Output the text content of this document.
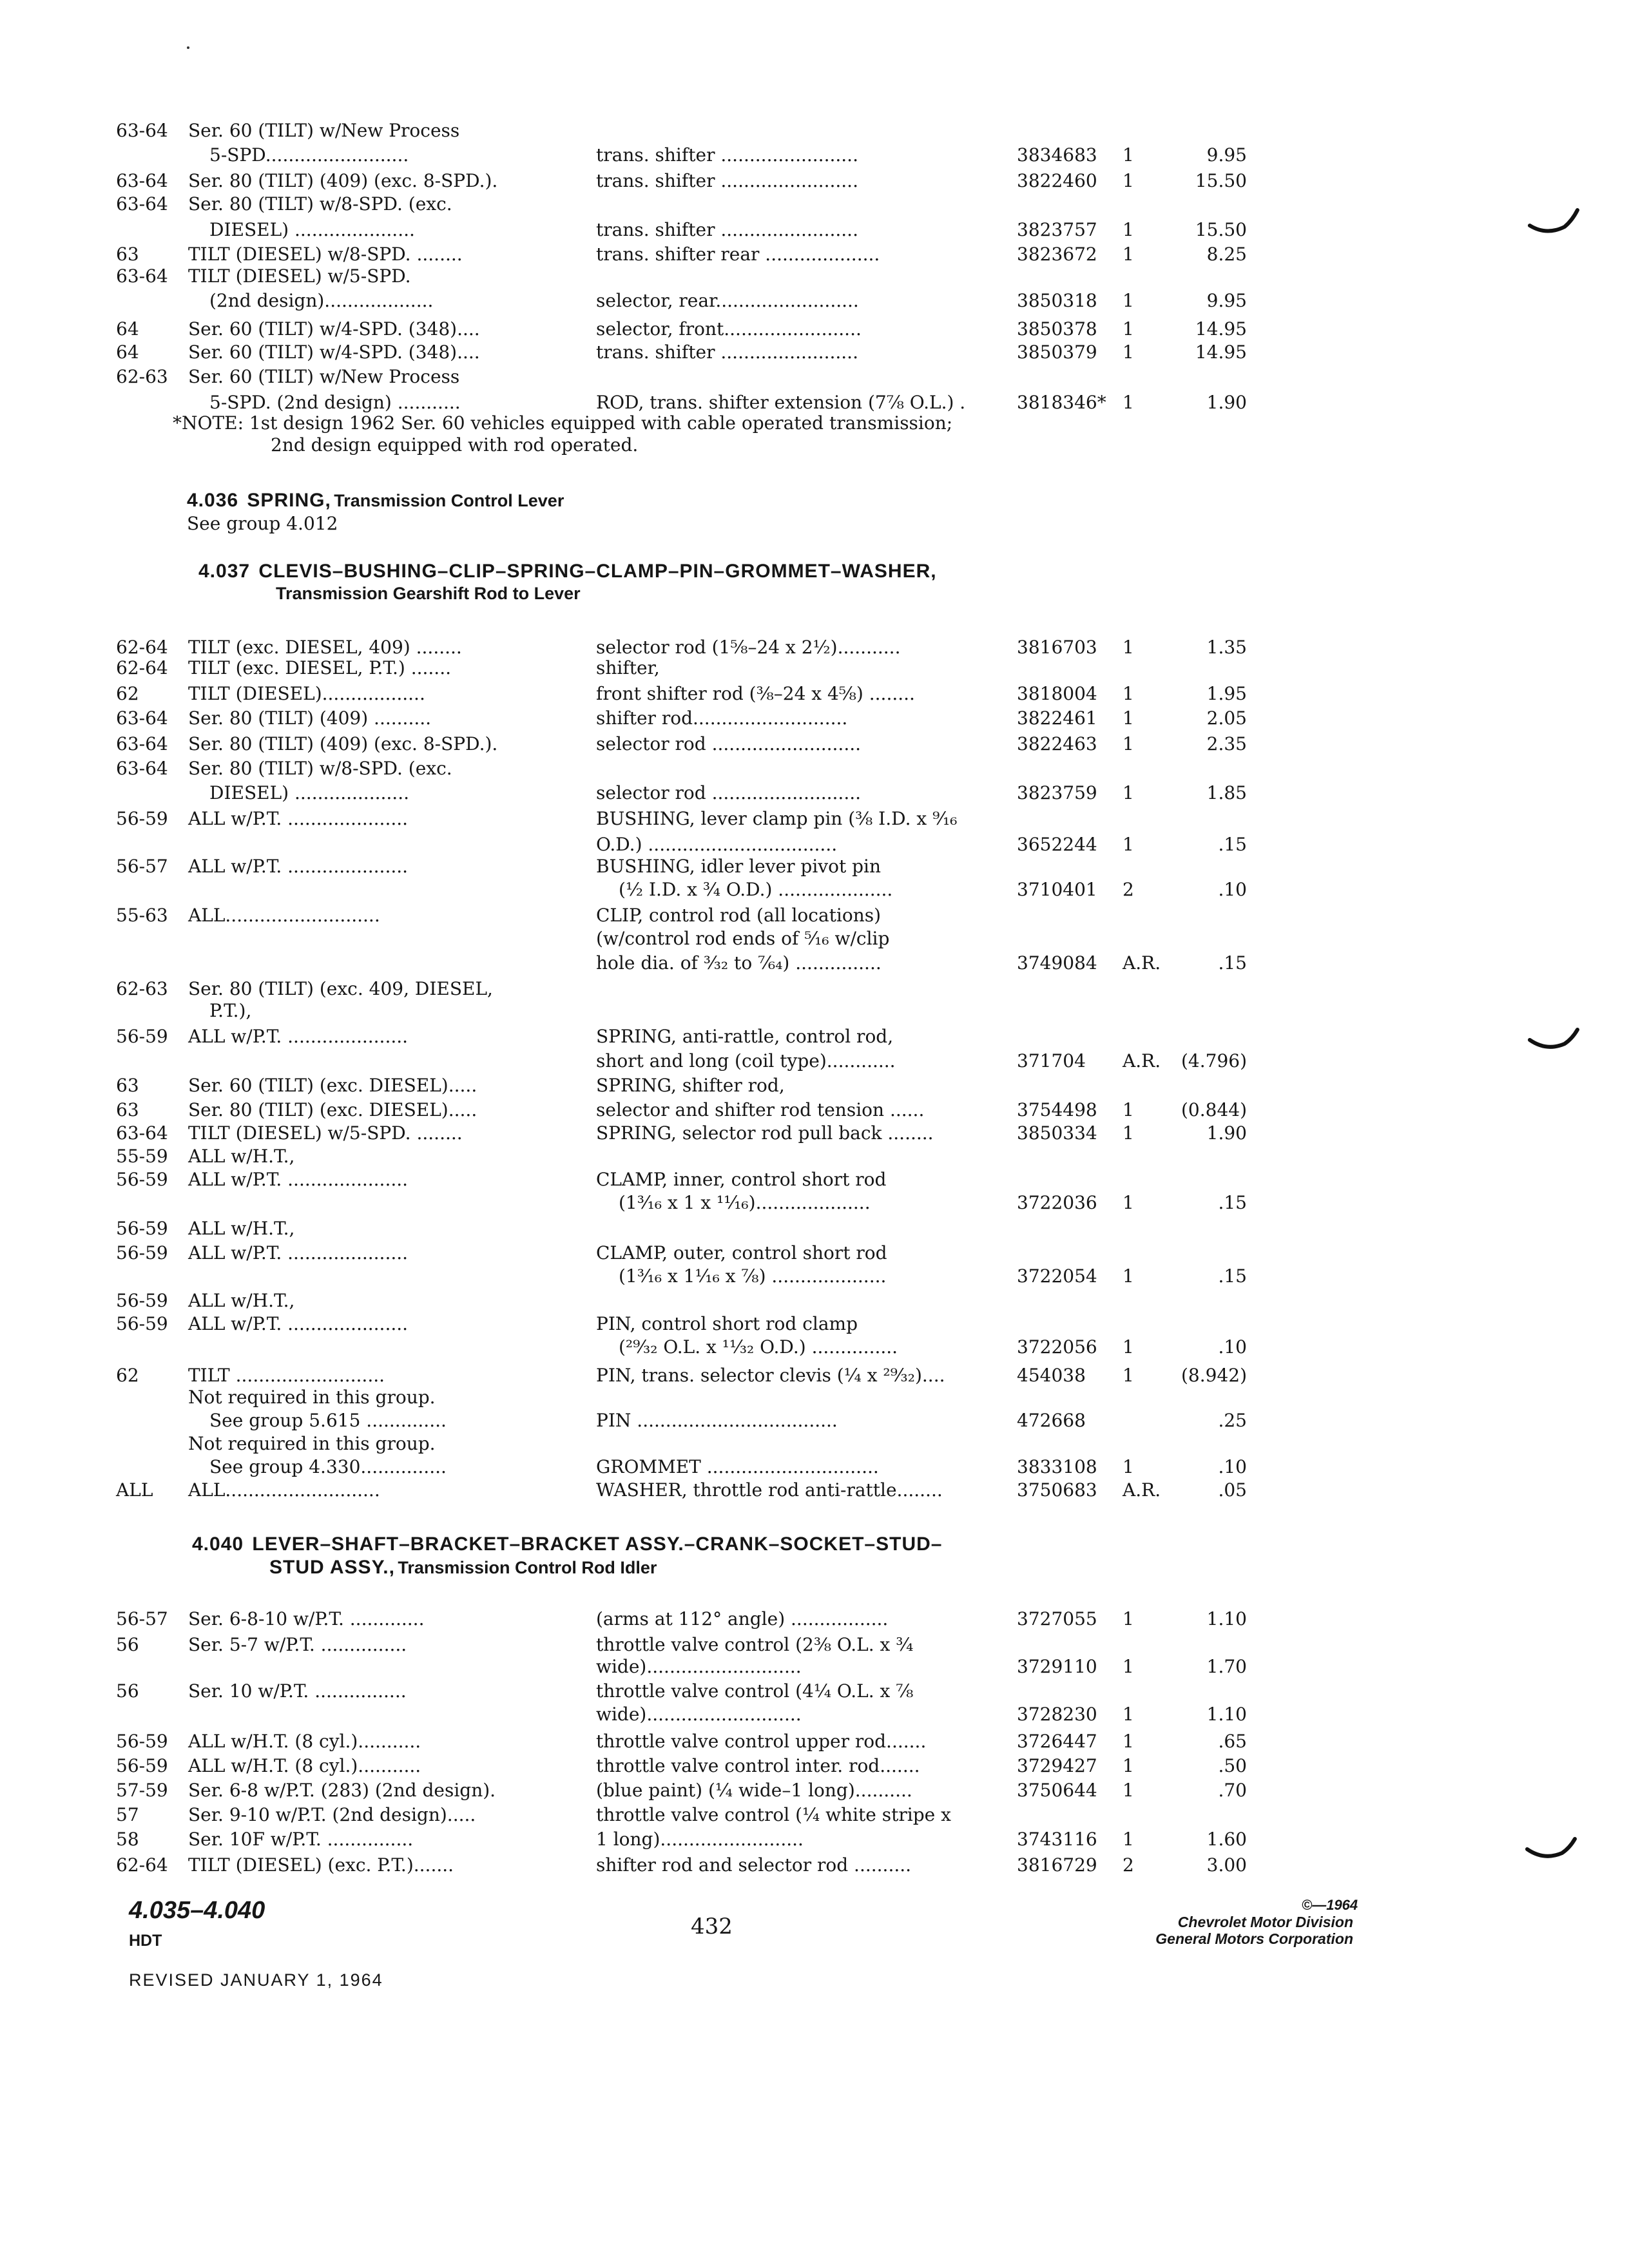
63-64 Ser. 60 (TILT) w/New Process
5-SPD.........................	trans. shifter ........................	3834683 1	9.95
63-64 Ser. 80 (TILT) (409) (exc. 8-SPD.).	trans. shifter ........................	3822460 1	15.50
63-64 Ser. 80 (TILT) w/8-SPD. (exc.
DIESEL) .....................	trans. shifter ........................	3823757 1	15.50
63	TILT (DIESEL) w/8-SPD. ........	trans. shifter rear ....................	3823672 1	8.25
63-64 TILT (DIESEL) w/5-SPD.
(2nd design)...................	selector, rear.........................	3850318 1	9.95
64	Ser. 60 (TILT) w/4-SPD. (348)....	selector, front........................	3850378 1	14.95
64	Ser. 60 (TILT) w/4-SPD. (348)....	trans. shifter ........................	3850379 1	14.95
62-63 Ser. 60 (TILT) w/New Process
5-SPD. (2nd design) ...........	ROD, trans. shifter extension (7⅞ O.L.) .	3818346* 1	1.90
*NOTE: 1st design 1962 Ser. 60 vehicles equipped with cable operated transmission;
2nd design equipped with rod operated.
4.036 SPRING, Transmission Control Lever
See group 4.012
4.037 CLEVIS–BUSHING–CLIP–SPRING–CLAMP–PIN–GROMMET–WASHER,
Transmission Gearshift Rod to Lever
62-64 TILT (exc. DIESEL, 409) ........	selector rod (1⁵⁄₈–24 x 2½)...........	3816703 1	1.35
62-64 TILT (exc. DIESEL, P.T.) .......	shifter,
62	TILT (DIESEL)..................	front shifter rod (⅜–24 x 4⅝) ........	3818004 1	1.95
63-64 Ser. 80 (TILT) (409) ..........	shifter rod...........................	3822461 1	2.05
63-64 Ser. 80 (TILT) (409) (exc. 8-SPD.).	selector rod ..........................	3822463 1	2.35
63-64 Ser. 80 (TILT) w/8-SPD. (exc.
DIESEL) ....................	selector rod ..........................	3823759 1	1.85
56-59 ALL w/P.T. .....................	BUSHING, lever clamp pin (⅜ I.D. x ⁹⁄₁₆
O.D.) .................................	3652244 1	.15
56-57 ALL w/P.T. .....................	BUSHING, idler lever pivot pin
(½ I.D. x ¾ O.D.) ....................	3710401 2	.10
55-63 ALL...........................	CLIP, control rod (all locations)
(w/control rod ends of ⁵⁄₁₆ w/clip
hole dia. of ³⁄₃₂ to ⁷⁄₆₄) ...............	3749084 A.R.	.15
62-63 Ser. 80 (TILT) (exc. 409, DIESEL,
P.T.),
56-59 ALL w/P.T. .....................	SPRING, anti-rattle, control rod,
short and long (coil type)............	371704 A.R.	(4.796)
63	Ser. 60 (TILT) (exc. DIESEL).....	SPRING, shifter rod,
63	Ser. 80 (TILT) (exc. DIESEL).....	selector and shifter rod tension ......	3754498 1	(0.844)
63-64 TILT (DIESEL) w/5-SPD. ........	SPRING, selector rod pull back ........	3850334 1	1.90
55-59 ALL w/H.T.,
56-59 ALL w/P.T. .....................	CLAMP, inner, control short rod
(1³⁄₁₆ x 1 x ¹¹⁄₁₆)....................	3722036 1	.15
56-59 ALL w/H.T.,
56-59 ALL w/P.T. .....................	CLAMP, outer, control short rod
(1³⁄₁₆ x 1¹⁄₁₆ x ⅞) ....................	3722054 1	.15
56-59 ALL w/H.T.,
56-59 ALL w/P.T. .....................	PIN, control short rod clamp
(²⁹⁄₃₂ O.L. x ¹¹⁄₃₂ O.D.) ...............	3722056 1	.10
62	TILT ..........................	PIN, trans. selector clevis (¼ x ²⁹⁄₃₂)....	454038 1	(8.942)
Not required in this group.
See group 5.615 ..............	PIN ...................................	472668	.25
Not required in this group.
See group 4.330...............	GROMMET ..............................	3833108 1	.10
ALL ALL...........................	WASHER, throttle rod anti-rattle........	3750683 A.R.	.05
4.040 LEVER–SHAFT–BRACKET–BRACKET ASSY.–CRANK–SOCKET–STUD–
STUD ASSY., Transmission Control Rod Idler
56-57 Ser. 6-8-10 w/P.T. .............	(arms at 112° angle) .................	3727055 1	1.10
56	Ser. 5-7 w/P.T. ...............	throttle valve control (2⅜ O.L. x ¾
wide)...........................	3729110 1	1.70
56	Ser. 10 w/P.T. ................	throttle valve control (4¼ O.L. x ⅞
wide)...........................	3728230 1	1.10
56-59 ALL w/H.T. (8 cyl.)...........	throttle valve control upper rod.......	3726447 1	.65
56-59 ALL w/H.T. (8 cyl.)...........	throttle valve control inter. rod.......	3729427 1	.50
57-59 Ser. 6-8 w/P.T. (283) (2nd design).	(blue paint) (¼ wide–1 long)..........	3750644 1	.70
57	Ser. 9-10 w/P.T. (2nd design).....	throttle valve control (¼ white stripe x
58	Ser. 10F w/P.T. ...............	1 long).........................	3743116 1	1.60
62-64 TILT (DIESEL) (exc. P.T.).......	shifter rod and selector rod ..........	3816729 2	3.00
4.035–4.040
HDT
REVISED JANUARY 1, 1964
432
©—1964
Chevrolet Motor Division
General Motors Corporation
